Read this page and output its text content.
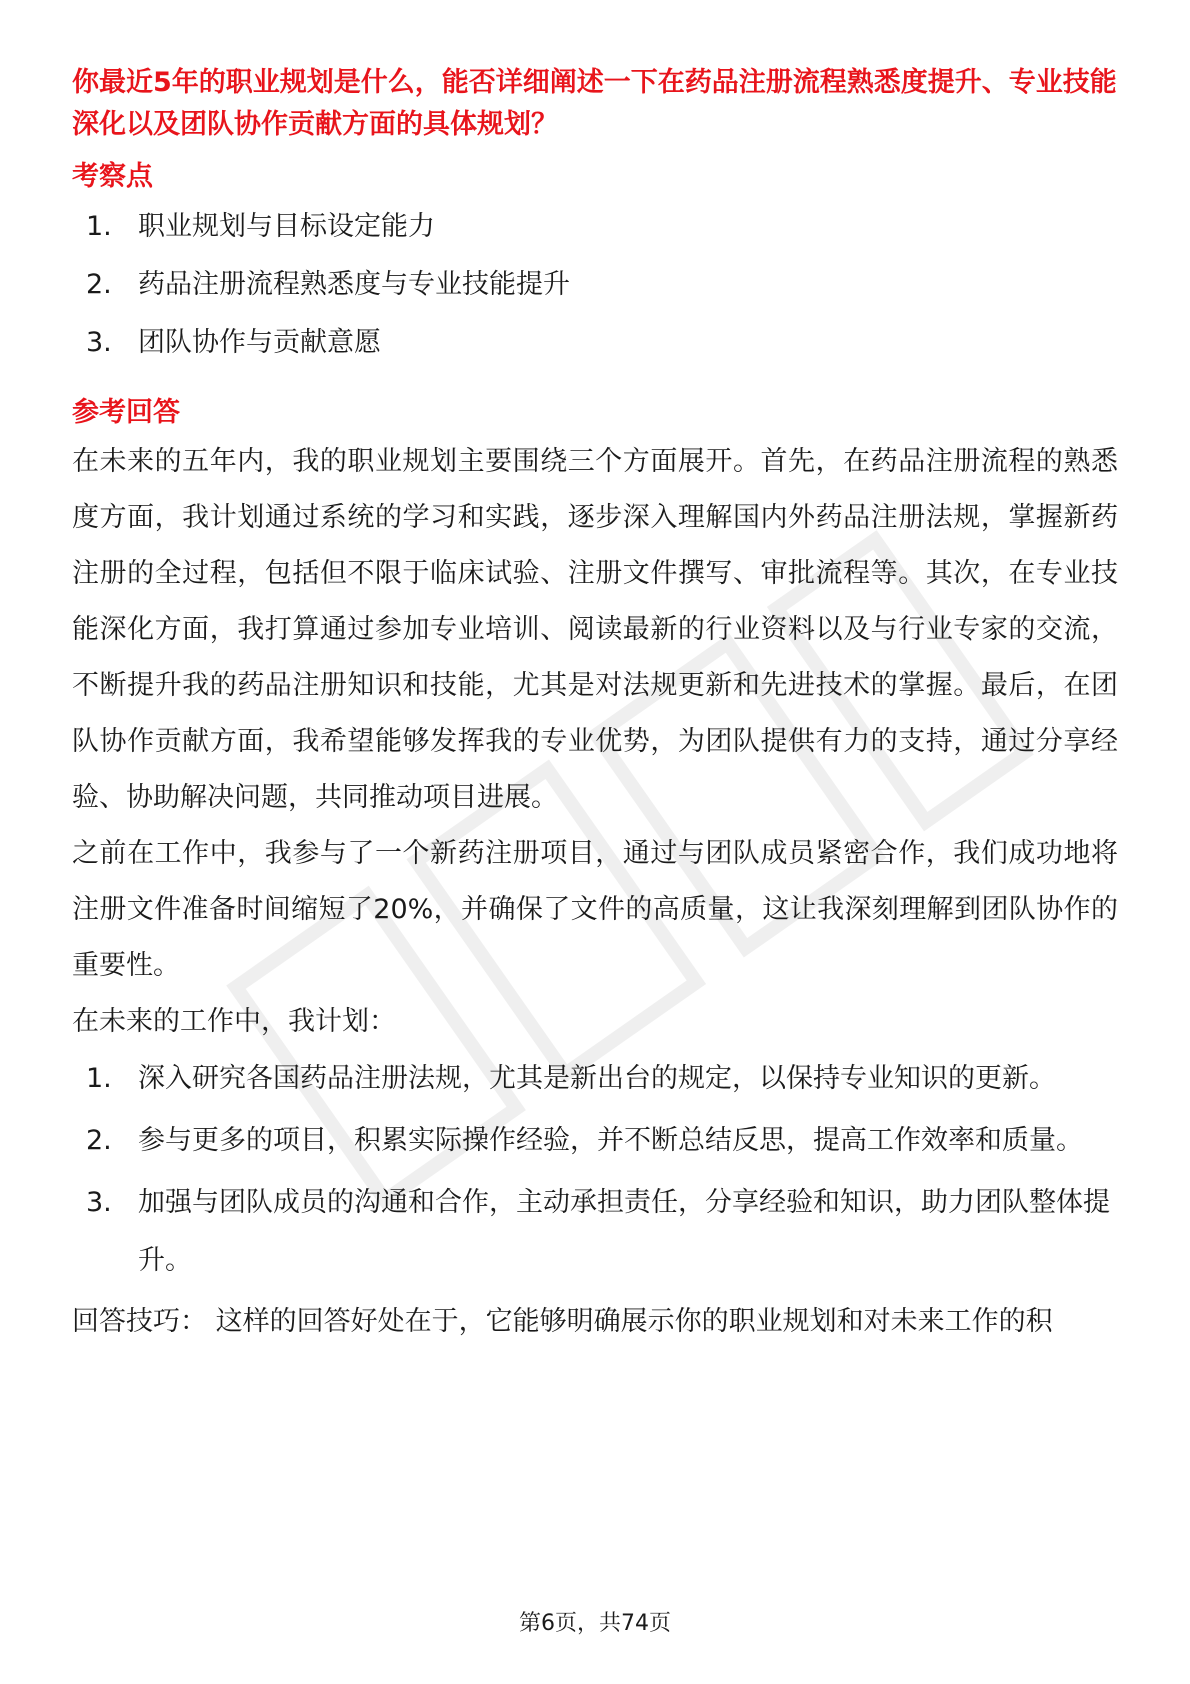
你最近5年的职业规划是什么，能否详细阐述一下在药品注册流程熟悉度提升、专业技能深化以及团队协作贡献方面的具体规划？

考察点

1. 职业规划与目标设定能力
2. 药品注册流程熟悉度与专业技能提升
3. 团队协作与贡献意愿

参考回答

在未来的五年内，我的职业规划主要围绕三个方面展开。首先，在药品注册流程的熟悉度方面，我计划通过系统的学习和实践，逐步深入理解国内外药品注册法规，掌握新药注册的全过程，包括但不限于临床试验、注册文件撰写、审批流程等。其次，在专业技能深化方面，我打算通过参加专业培训、阅读最新的行业资料以及与行业专家的交流，不断提升我的药品注册知识和技能，尤其是对法规更新和先进技术的掌握。最后，在团队协作贡献方面，我希望能够发挥我的专业优势，为团队提供有力的支持，通过分享经验、协助解决问题，共同推动项目进展。

之前在工作中，我参与了一个新药注册项目，通过与团队成员紧密合作，我们成功地将注册文件准备时间缩短了20%，并确保了文件的高质量，这让我深刻理解到团队协作的重要性。

在未来的工作中，我计划：

1. 深入研究各国药品注册法规，尤其是新出台的规定，以保持专业知识的更新。
2. 参与更多的项目，积累实际操作经验，并不断总结反思，提高工作效率和质量。
3. 加强与团队成员的沟通和合作，主动承担责任，分享经验和知识，助力团队整体提升。

回答技巧： 这样的回答好处在于，它能够明确展示你的职业规划和对未来工作的积

第6页，共74页
